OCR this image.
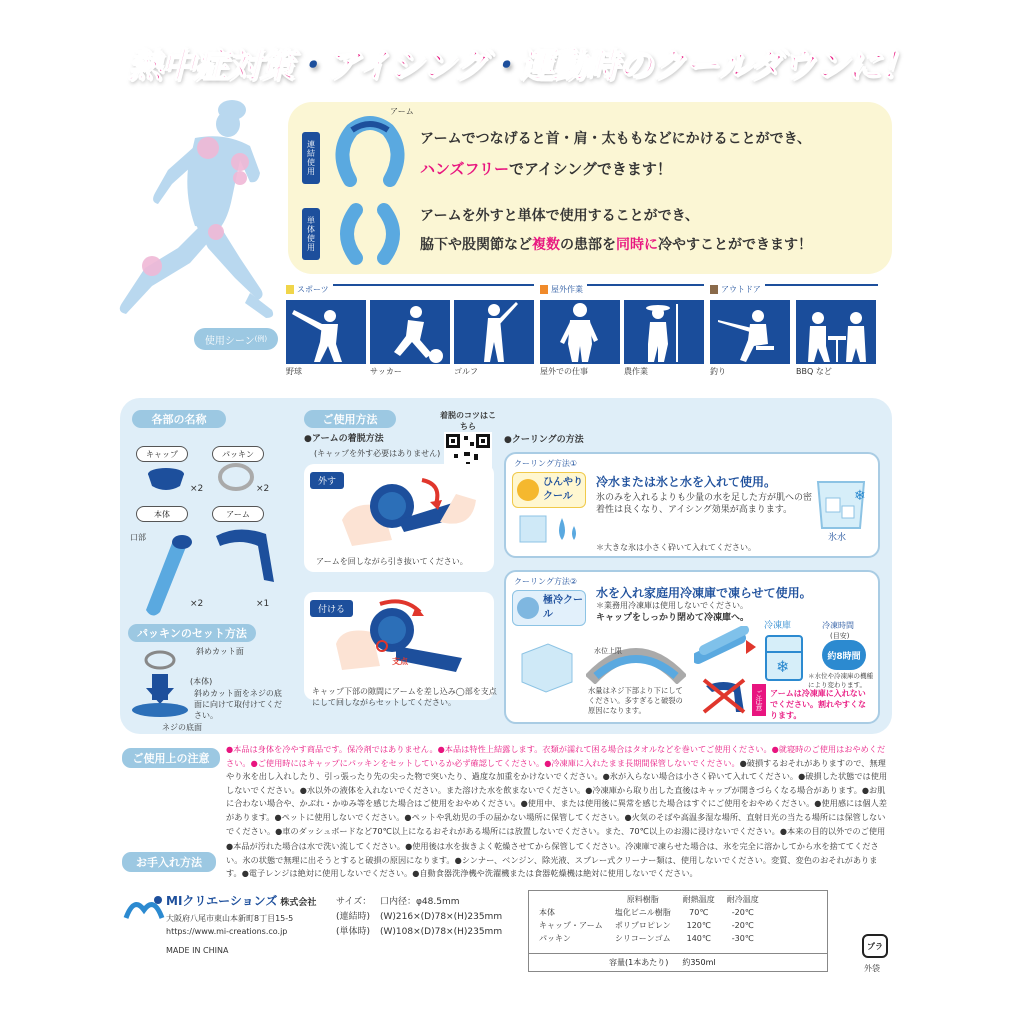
熱中症対策・アイシング・運動時のクールダウンに！
アーム
連結使用
アームでつなげると首・肩・太ももなどにかけることができ、
ハンズフリーでアイシングできます！
単体使用	アームを外すと単体で使用することができ、
脇下や股関節など複数の患部を同時に冷やすことができます！
使用シーン (例)
スポーツ	屋外作業	アウトドア
野球	サッカー	ゴルフ	屋外での仕事	農作業	釣り	BBQ など
各部の名称
キャップ	パッキン
×2	×2
本体	アーム
口部
×2	×1
パッキンのセット方法
斜めカット面
(本体)
斜めカット面をネジの底面に向けて取付けてください。
ネジの底面
ご使用方法
●アームの着脱方法
(キャップを外す必要はありません)
着脱のコツはこちら
外す
アームを回しながら引き抜いてください。
付ける
支点
キャップ下部の隙間にアームを差し込み◯部を支点にして回しながらセットしてください。
●クーリングの方法
クーリング方法①
ひんやりクール
冷水または氷と水を入れて使用。
氷のみを入れるよりも少量の水を足した方が肌への密着性は良くなり、アイシング効果が高まります。
＊大きな氷は小さく砕いて入れてください。
❄
氷水
クーリング方法②
極冷クール
水を入れ家庭用冷凍庫で凍らせて使用。
＊業務用冷凍庫は使用しないでください。
キャップをしっかり閉めて冷凍庫へ。
水位上限
水量はネジ下部より下にしてください。多すぎると破裂の原因になります。
冷凍庫
❄
冷凍時間
(目安)
約8時間
＊水位や冷凍庫の機種により変わります。
ご注意 アームは冷凍庫に入れないでください。割れやすくなります。
ご使用上の注意
●本品は身体を冷やす商品です。保冷剤ではありません。●本品は特性上結露します。衣類が濡れて困る場合はタオルなどを巻いてご使用ください。●就寝時のご使用はおやめください。●ご使用時にはキャップにパッキンをセットしているか必ず確認してください。●冷凍庫に入れたまま長期間保管しないでください。●破損するおそれがありますので、無理やり氷を出し入れしたり、引っ張ったり先の尖った物で突いたり、過度な加重をかけないでください。●氷が入らない場合は小さく砕いて入れてください。●破損した状態では使用しないでください。●水以外の液体を入れないでください。また溶けた水を飲まないでください。●冷凍庫から取り出した直後はキャップが開きづらくなる場合があります。●お肌に合わない場合や、かぶれ・かゆみ等を感じた場合はご使用をおやめください。●使用中、または使用後に異常を感じた場合はすぐにご使用をおやめください。●使用感には個人差があります。●ペットに使用しないでください。●ペットや乳幼児の手の届かない場所に保管してください。●火気のそばや高温多湿な場所、直射日光の当たる場所には保管しないでください。●車のダッシュボードなど70℃以上になるおそれがある場所には放置しないでください。また、70℃以上のお湯に浸けないでください。●本来の目的以外でのご使用
お手入れ方法
●本品が汚れた場合は水で洗い流してください。●使用後は水を抜きよく乾燥させてから保管してください。冷凍庫で凍らせた場合は、氷を完全に溶かしてから水を捨ててください。氷の状態で無理に出そうとすると破損の原因になります。●シンナー、ベンジン、除光液、スプレー式クリーナー類は、使用しないでください。変質、変色のおそれがあります。●電子レンジは絶対に使用しないでください。●自動食器洗浄機や洗濯機または食器乾燥機は絶対に使用しないでください。
MIクリエーションズ 株式会社
大阪府八尾市東山本新町8丁目15-5
https://www.mi-creations.co.jp
MADE IN CHINA
サイズ： 口内径：φ48.5mm
(連結時) (W)216×(D)78×(H)235mm
(単体時) (W)108×(D)78×(H)235mm
	原料樹脂	耐熱温度	耐冷温度
本体	塩化ビニル樹脂	70℃	-20℃
キャップ・アーム	ポリプロピレン	120℃	-20℃
パッキン	シリコーンゴム	140℃	-30℃
容量(1本あたり) 約350ml
プラ
外袋
